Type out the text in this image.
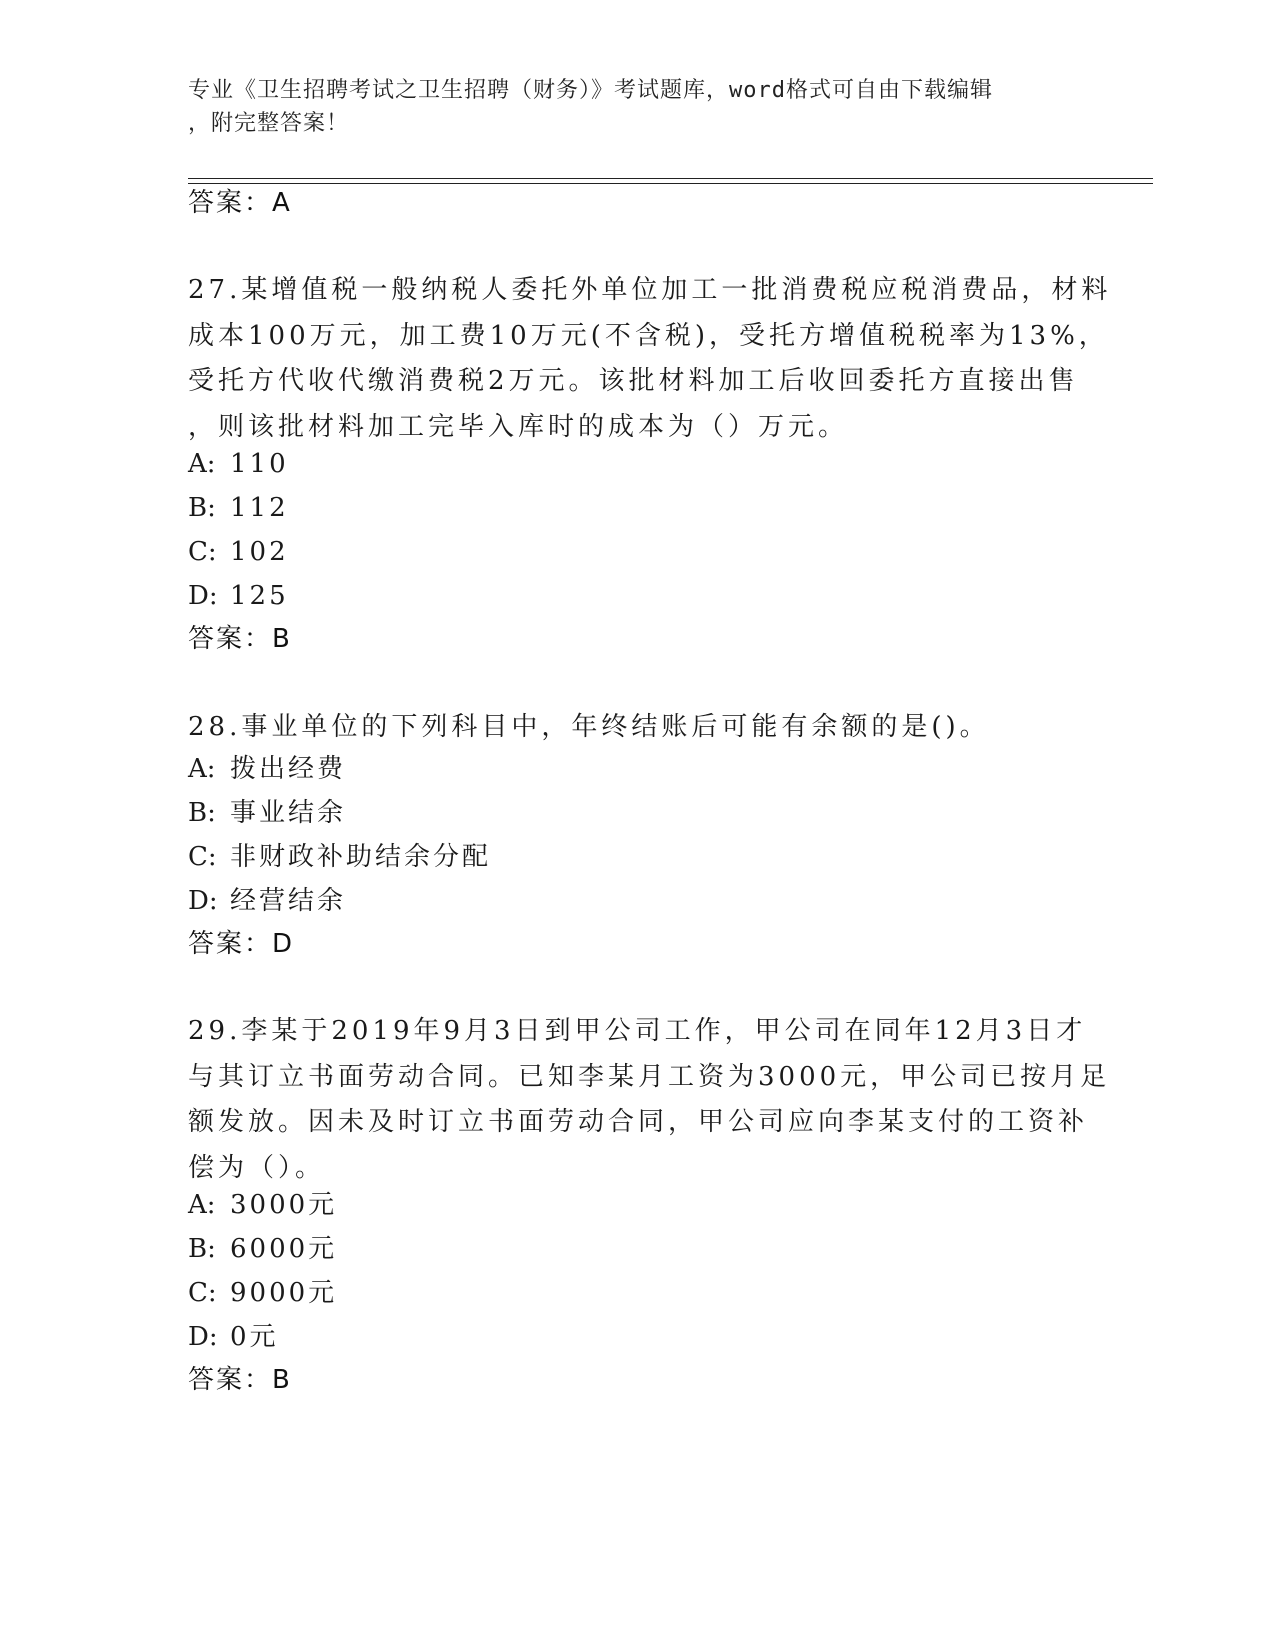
专业《卫生招聘考试之卫生招聘（财务）》考试题库，word格式可自由下载编辑
，附完整答案！
答案：A
27.某增值税一般纳税人委托外单位加工一批消费税应税消费品，材料
成本100万元，加工费10万元(不含税)，受托方增值税税率为13%，
受托方代收代缴消费税2万元。该批材料加工后收回委托方直接出售
，则该批材料加工完毕入库时的成本为（）万元。
A: 110
B: 112
C: 102
D: 125
答案：B
28.事业单位的下列科目中，年终结账后可能有余额的是()。
A: 拨出经费
B: 事业结余
C: 非财政补助结余分配
D: 经营结余
答案：D
29.李某于2019年9月3日到甲公司工作，甲公司在同年12月3日才
与其订立书面劳动合同。已知李某月工资为3000元，甲公司已按月足
额发放。因未及时订立书面劳动合同，甲公司应向李某支付的工资补
偿为（）。
A: 3000元
B: 6000元
C: 9000元
D: 0元
答案：B
